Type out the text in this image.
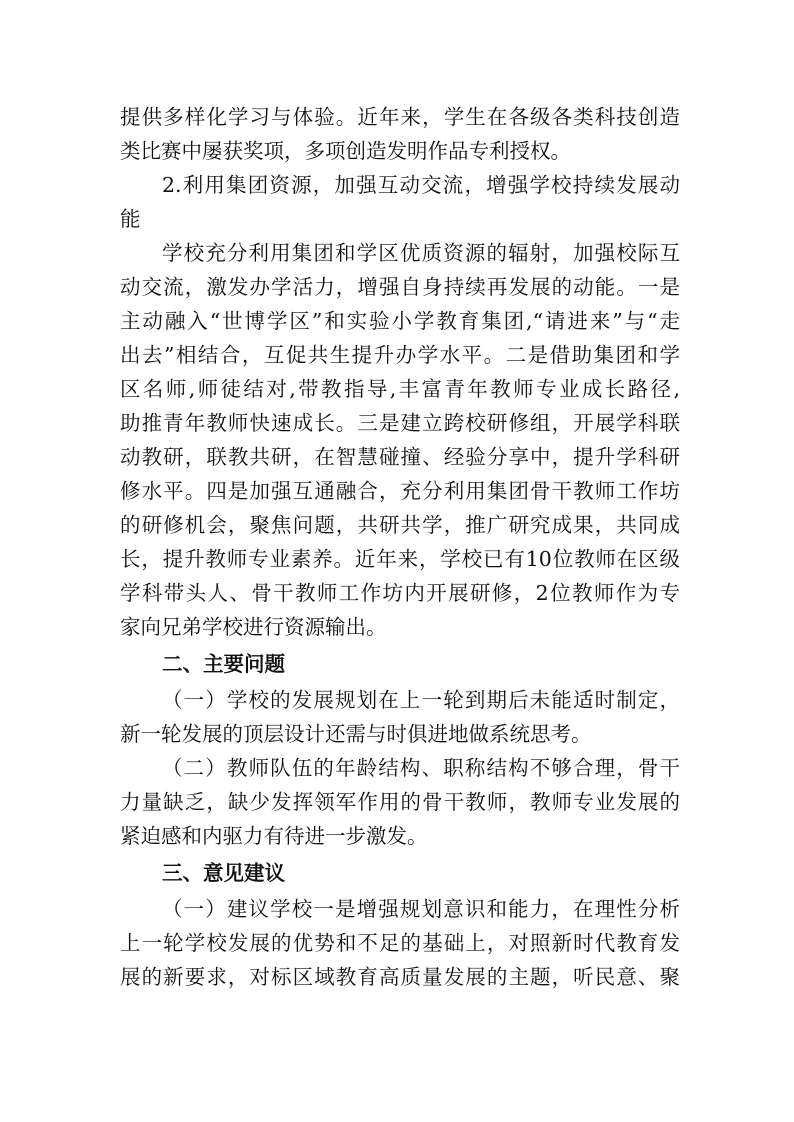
提供多样化学习与体验。近年来，学生在各级各类科技创造
类比赛中屡获奖项，多项创造发明作品专利授权。
2.利用集团资源，加强互动交流，增强学校持续发展动
能
学校充分利用集团和学区优质资源的辐射，加强校际互
动交流，激发办学活力，增强自身持续再发展的动能。一是
主动融入“世博学区”和实验小学教育集团,“请进来”与“走
出去”相结合，互促共生提升办学水平。二是借助集团和学
区名师,师徒结对,带教指导,丰富青年教师专业成长路径,
助推青年教师快速成长。三是建立跨校研修组，开展学科联
动教研，联教共研，在智慧碰撞、经验分享中，提升学科研
修水平。四是加强互通融合，充分利用集团骨干教师工作坊
的研修机会，聚焦问题，共研共学，推广研究成果，共同成
长，提升教师专业素养。近年来，学校已有10位教师在区级
学科带头人、骨干教师工作坊内开展研修，2位教师作为专
家向兄弟学校进行资源输出。
二、主要问题
（一）学校的发展规划在上一轮到期后未能适时制定，
新一轮发展的顶层设计还需与时俱进地做系统思考。
（二）教师队伍的年龄结构、职称结构不够合理，骨干
力量缺乏，缺少发挥领军作用的骨干教师，教师专业发展的
紧迫感和内驱力有待进一步激发。
三、意见建议
（一）建议学校一是增强规划意识和能力，在理性分析
上一轮学校发展的优势和不足的基础上，对照新时代教育发
展的新要求，对标区域教育高质量发展的主题，听民意、聚
